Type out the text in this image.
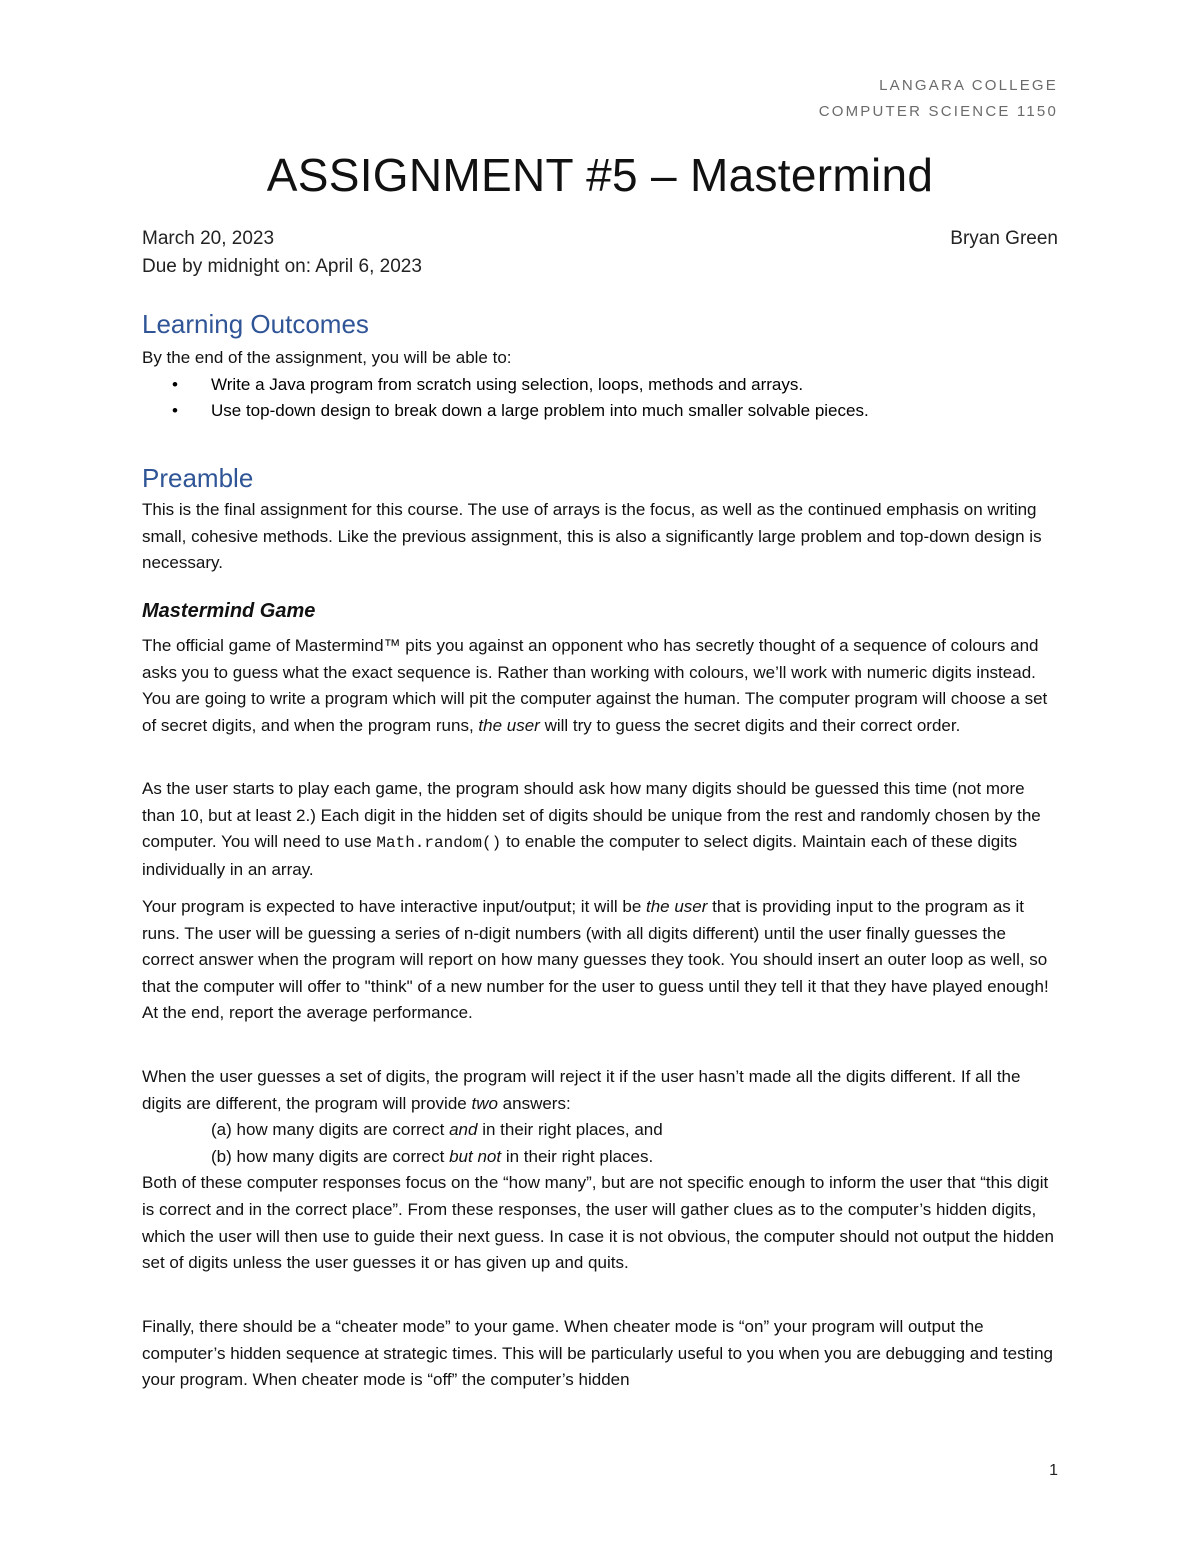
LANGARA COLLEGE
COMPUTER SCIENCE 1150
ASSIGNMENT #5 – Mastermind
March 20, 2023	Bryan Green
Due by midnight on: April 6, 2023
Learning Outcomes
By the end of the assignment, you will be able to:
• Write a Java program from scratch using selection, loops, methods and arrays.
• Use top-down design to break down a large problem into much smaller solvable pieces.
Preamble

This is the final assignment for this course. The use of arrays is the focus, as well as the continued emphasis on writing small, cohesive methods. Like the previous assignment, this is also a significantly large problem and top-down design is necessary.

Mastermind Game

The official game of Mastermind™ pits you against an opponent who has secretly thought of a sequence of colours and asks you to guess what the exact sequence is. Rather than working with colours, we’ll work with numeric digits instead. You are going to write a program which will pit the computer against the human. The computer program will choose a set of secret digits, and when the program runs, the user will try to guess the secret digits and their correct order.

As the user starts to play each game, the program should ask how many digits should be guessed this time (not more than 10, but at least 2.) Each digit in the hidden set of digits should be unique from the rest and randomly chosen by the computer. You will need to use Math.random() to enable the computer to select digits. Maintain each of these digits individually in an array.

Your program is expected to have interactive input/output; it will be the user that is providing input to the program as it runs. The user will be guessing a series of n-digit numbers (with all digits different) until the user finally guesses the correct answer when the program will report on how many guesses they took. You should insert an outer loop as well, so that the computer will offer to "think" of a new number for the user to guess until they tell it that they have played enough! At the end, report the average performance.

When the user guesses a set of digits, the program will reject it if the user hasn’t made all the digits different. If all the digits are different, the program will provide two answers:

(a) how many digits are correct and in their right places, and

(b) how many digits are correct but not in their right places.

Both of these computer responses focus on the “how many”, but are not specific enough to inform the user that “this digit is correct and in the correct place”. From these responses, the user will gather clues as to the computer’s hidden digits, which the user will then use to guide their next guess. In case it is not obvious, the computer should not output the hidden set of digits unless the user guesses it or has given up and quits.

Finally, there should be a “cheater mode” to your game. When cheater mode is “on” your program will output the computer’s hidden sequence at strategic times. This will be particularly useful to you when you are debugging and testing your program. When cheater mode is “off” the computer’s hidden

1
